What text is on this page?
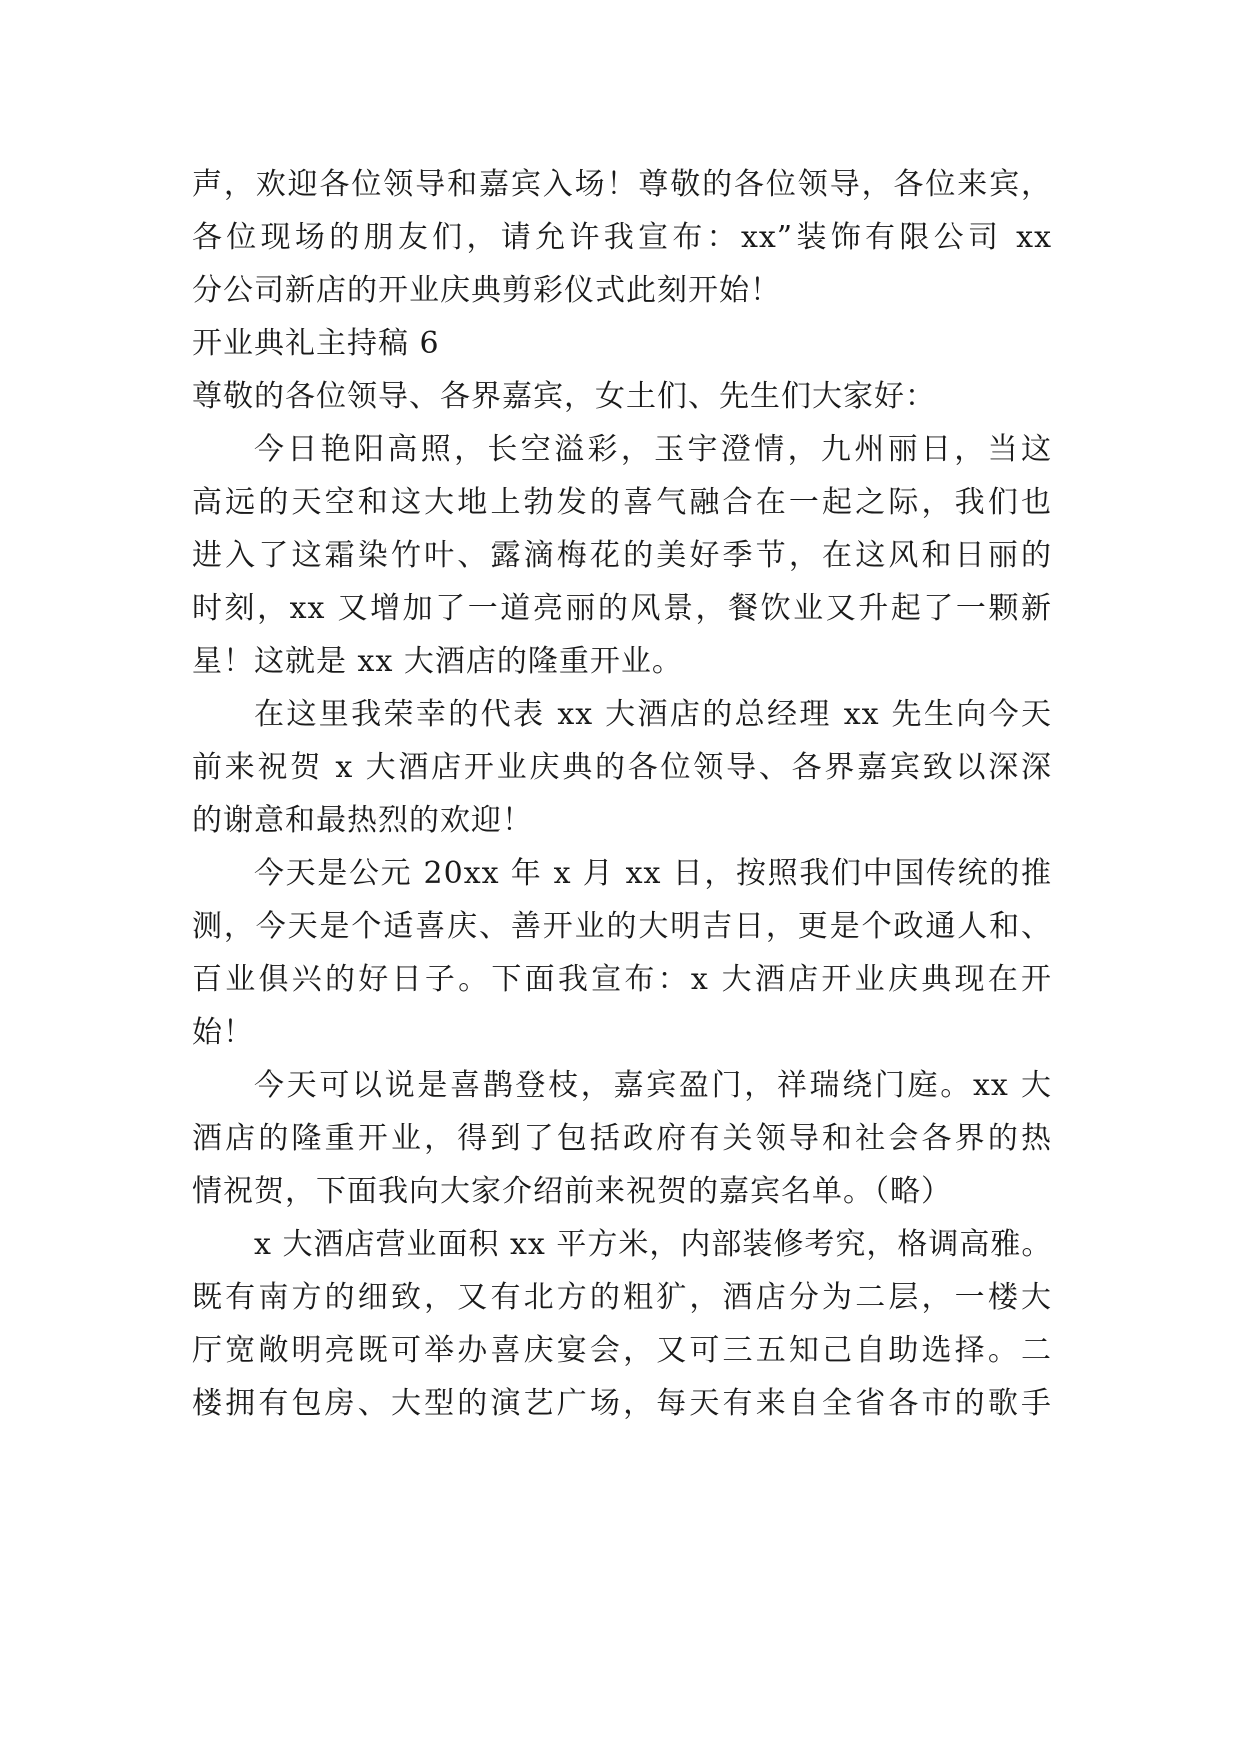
声，欢迎各位领导和嘉宾入场！尊敬的各位领导，各位来宾，
各位现场的朋友们，请允许我宣布：xx”装饰有限公司 xx
分公司新店的开业庆典剪彩仪式此刻开始！
开业典礼主持稿 6
尊敬的各位领导、各界嘉宾，女土们、先生们大家好：
今日艳阳高照，长空溢彩，玉宇澄情，九州丽日，当这
高远的天空和这大地上勃发的喜气融合在一起之际，我们也
进入了这霜染竹叶、露滴梅花的美好季节，在这风和日丽的
时刻，xx 又增加了一道亮丽的风景，餐饮业又升起了一颗新
星！这就是 xx 大酒店的隆重开业。
在这里我荣幸的代表 xx 大酒店的总经理 xx 先生向今天
前来祝贺 x 大酒店开业庆典的各位领导、各界嘉宾致以深深
的谢意和最热烈的欢迎！
今天是公元 20xx 年 x 月 xx 日，按照我们中国传统的推
测，今天是个适喜庆、善开业的大明吉日，更是个政通人和、
百业俱兴的好日子。下面我宣布：x 大酒店开业庆典现在开
始！
今天可以说是喜鹊登枝，嘉宾盈门，祥瑞绕门庭。xx 大
酒店的隆重开业，得到了包括政府有关领导和社会各界的热
情祝贺，下面我向大家介绍前来祝贺的嘉宾名单。（略）
x 大酒店营业面积 xx 平方米，内部装修考究，格调高雅。
既有南方的细致，又有北方的粗犷，酒店分为二层，一楼大
厅宽敞明亮既可举办喜庆宴会，又可三五知己自助选择。二
楼拥有包房、大型的演艺广场，每天有来自全省各市的歌手
